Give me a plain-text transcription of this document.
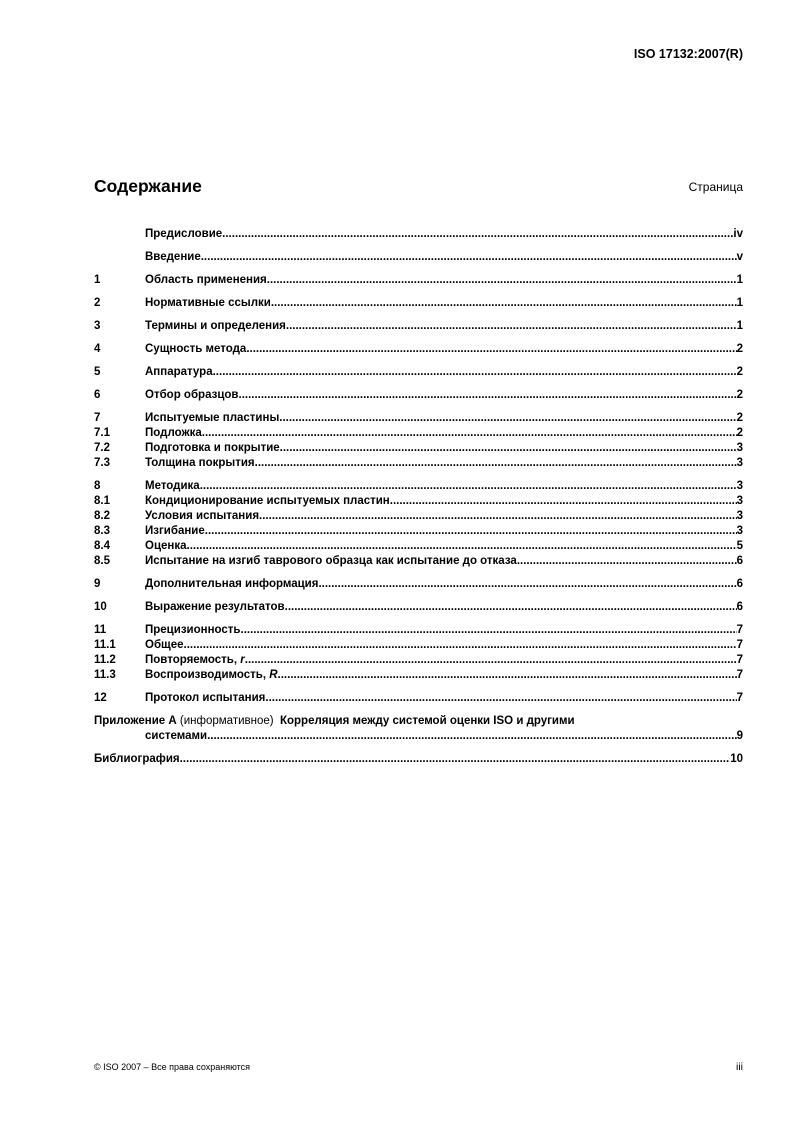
ISO 17132:2007(R)
Содержание	Страница
Предисловие .....	iv
Введение .....	v
1	Область применения .....	1
2	Нормативные ссылки .....	1
3	Термины и определения .....	1
4	Сущность метода .....	2
5	Аппаратура .....	2
6	Отбор образцов .....	2
7	Испытуемые пластины .....	2
7.1	Подложка .....	2
7.2	Подготовка и покрытие .....	3
7.3	Толщина покрытия .....	3
8	Методика .....	3
8.1	Кондиционирование испытуемых пластин .....	3
8.2	Условия испытания .....	3
8.3	Изгибание .....	3
8.4	Оценка .....	5
8.5	Испытание на изгиб таврового образца как испытание до отказа .....	6
9	Дополнительная информация .....	6
10	Выражение результатов .....	6
11	Прецизионность .....	7
11.1	Общее .....	7
11.2	Повторяемость, r .....	7
11.3	Воспроизводимость, R .....	7
12	Протокол испытания .....	7
Приложение А (информативное) Корреляция между системой оценки ISO и другими
системами .....	9
Библиография .....	10
© ISO 2007 – Все права сохраняются	iii
